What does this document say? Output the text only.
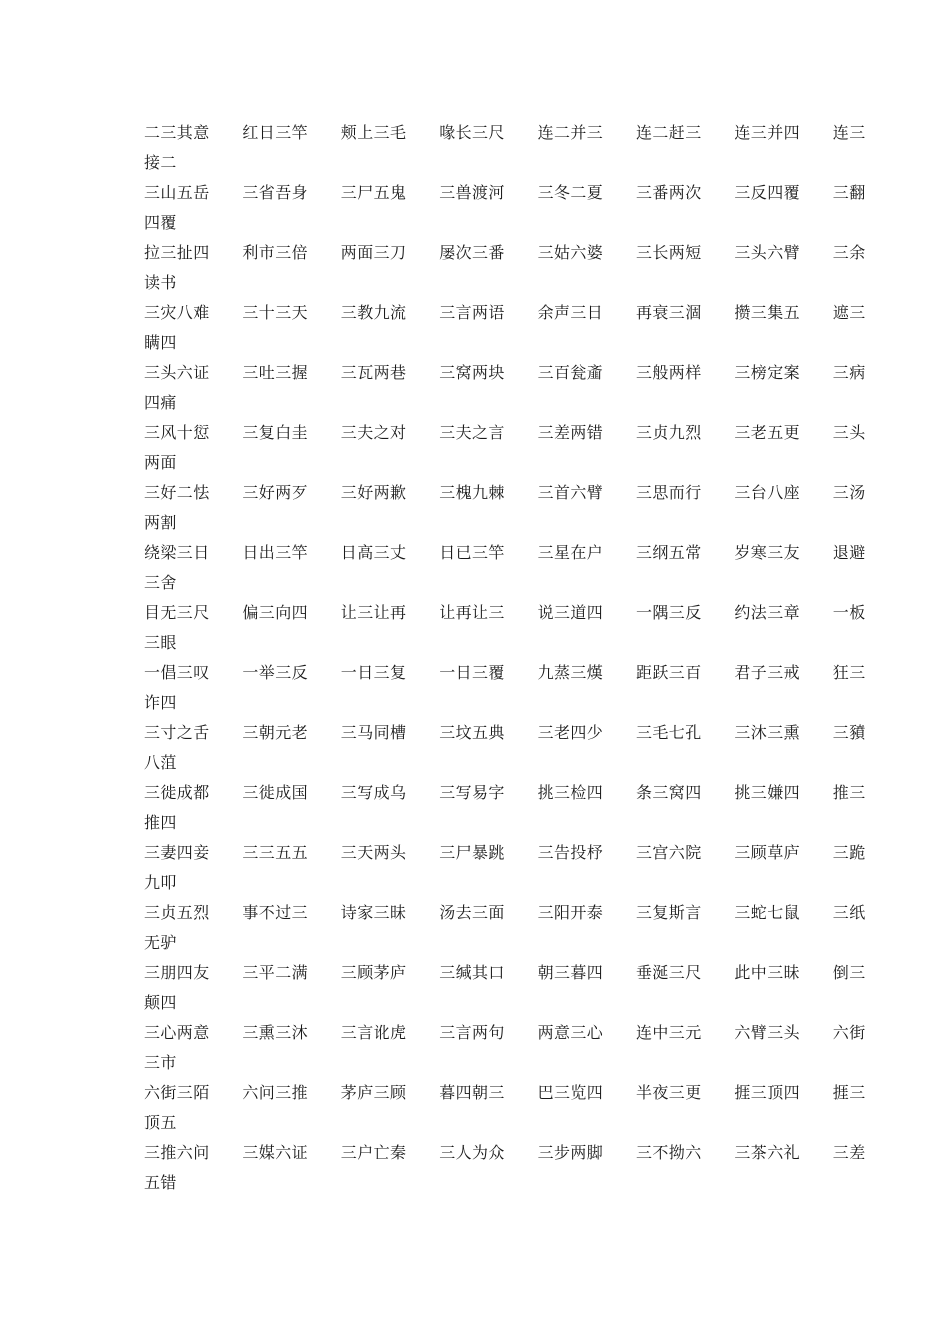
二三其意　　红日三竿　　颊上三毛　　喙长三尺　　连二并三　　连二赶三　　连三并四　　连三
接二
三山五岳　　三省吾身　　三尸五鬼　　三兽渡河　　三冬二夏　　三番两次　　三反四覆　　三翻
四覆
拉三扯四　　利市三倍　　两面三刀　　屡次三番　　三姑六婆　　三长两短　　三头六臂　　三余
读书
三灾八难　　三十三天　　三教九流　　三言两语　　余声三日　　再衰三涸　　攒三集五　　遮三
瞒四
三头六证　　三吐三握　　三瓦两巷　　三窝两块　　三百瓮齑　　三般两样　　三榜定案　　三病
四痛
三风十愆　　三复白圭　　三夫之对　　三夫之言　　三差两错　　三贞九烈　　三老五更　　三头
两面
三好二怯　　三好两歹　　三好两歉　　三槐九棘　　三首六臂　　三思而行　　三台八座　　三汤
两割
绕梁三日　　日出三竿　　日高三丈　　日已三竿　　三星在户　　三纲五常　　岁寒三友　　退避
三舍
目无三尺　　偏三向四　　让三让再　　让再让三　　说三道四　　一隅三反　　约法三章　　一板
三眼
一倡三叹　　一举三反　　一日三复　　一日三覆　　九蒸三熯　　距跃三百　　君子三戒　　狂三
诈四
三寸之舌　　三朝元老　　三马同槽　　三坟五典　　三老四少　　三毛七孔　　三沐三熏　　三豶
八菹
三徙成都　　三徙成国　　三写成乌　　三写易字　　挑三检四　　条三窝四　　挑三嫌四　　推三
推四
三妻四妾　　三三五五　　三天两头　　三尸暴跳　　三告投杼　　三宫六院　　三顾草庐　　三跪
九叩
三贞五烈　　事不过三　　诗家三昧　　汤去三面　　三阳开泰　　三复斯言　　三蛇七鼠　　三纸
无驴
三朋四友　　三平二满　　三顾茅庐　　三缄其口　　朝三暮四　　垂涎三尺　　此中三昧　　倒三
颠四
三心两意　　三熏三沐　　三言讹虎　　三言两句　　两意三心　　连中三元　　六臂三头　　六街
三市
六街三陌　　六问三推　　茅庐三顾　　暮四朝三　　巴三览四　　半夜三更　　捱三顶四　　捱三
顶五
三推六问　　三媒六证　　三户亡秦　　三人为众　　三步两脚　　三不拗六　　三茶六礼　　三差
五错
